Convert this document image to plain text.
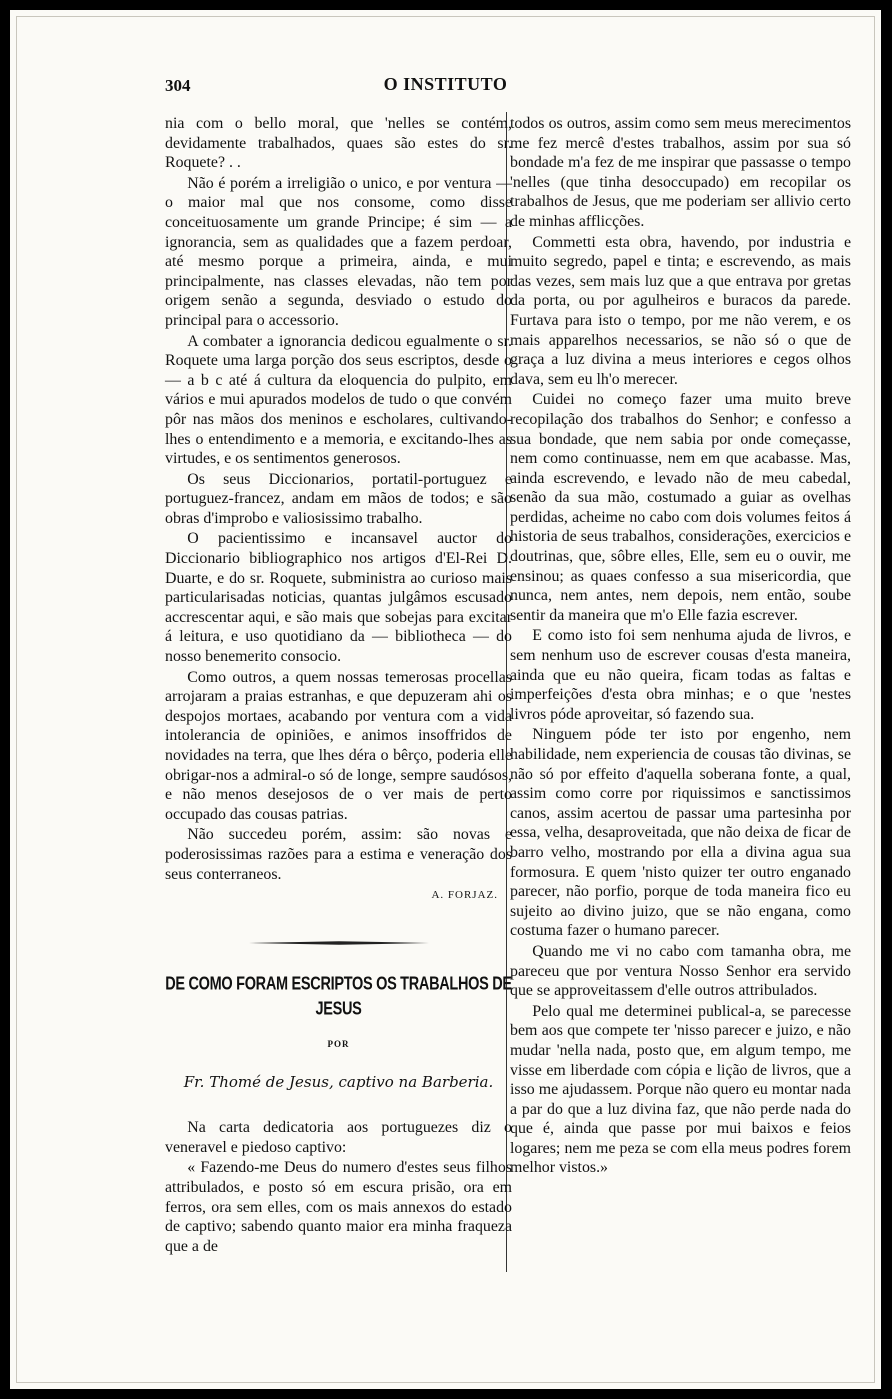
304	O INSTITUTO

nia com o bello moral, que 'nelles se contém, devidamente trabalhados, quaes são estes do sr. Roquete? . .

Não é porém a irreligião o unico, e por ventura — o maior mal que nos consome, como disse conceituosamente um grande Principe; é sim — a ignorancia, sem as qualidades que a fazem perdoar, até mesmo porque a primeira, ainda, e mui principalmente, nas classes elevadas, não tem por origem senão a segunda, desviado o estudo do principal para o accessorio.

A combater a ignorancia dedicou egualmente o sr. Roquete uma larga porção dos seus escriptos, desde o — a b c até á cultura da eloquencia do pulpito, em vários e mui apurados modelos de tudo o que convém pôr nas mãos dos meninos e escholares, cultivando-lhes o entendimento e a memoria, e excitando-lhes as virtudes, e os sentimentos generosos.

Os seus Diccionarios, portatil-portuguez e portuguez-francez, andam em mãos de todos; e são obras d'improbo e valiosissimo trabalho.

O pacientissimo e incansavel auctor do Diccionario bibliographico nos artigos d'El-Rei D. Duarte, e do sr. Roquete, subministra ao curioso mais particularisadas noticias, quantas julgâmos escusado accrescentar aqui, e são mais que sobejas para excitar á leitura, e uso quotidiano da — bibliotheca — do nosso benemerito consocio.

Como outros, a quem nossas temerosas procellas arrojaram a praias estranhas, e que depuzeram ahi os despojos mortaes, acabando por ventura com a vida intolerancia de opiniões, e animos insoffridos de novidades na terra, que lhes déra o bêrço, poderia elle obrigar-nos a admiral-o só de longe, sempre saudósos, e não menos desejosos de o ver mais de perto occupado das cousas patrias.

Não succedeu porém, assim: são novas e poderosissimas razões para a estima e veneração dos seus conterraneos.

A. FORJAZ.
DE COMO FORAM ESCRIPTOS OS TRABALHOS DE JESUS
POR
Fr. Thomé de Jesus, captivo na Barberia.

Na carta dedicatoria aos portuguezes diz o veneravel e piedoso captivo:

« Fazendo-me Deus do numero d'estes seus filhos attribulados, e posto só em escura prisão, ora em ferros, ora sem elles, com os mais annexos do estado de captivo; sabendo quanto maior era minha fraqueza que a de

todos os outros, assim como sem meus merecimentos me fez mercê d'estes trabalhos, assim por sua só bondade m'a fez de me inspirar que passasse o tempo 'nelles (que tinha desoccupado) em recopilar os trabalhos de Jesus, que me poderiam ser allivio certo de minhas afflicções.

Commetti esta obra, havendo, por industria e muito segredo, papel e tinta; e escrevendo, as mais das vezes, sem mais luz que a que entrava por gretas da porta, ou por agulheiros e buracos da parede. Furtava para isto o tempo, por me não verem, e os mais apparelhos necessarios, se não só o que de graça a luz divina a meus interiores e cegos olhos dava, sem eu lh'o merecer.

Cuidei no começo fazer uma muito breve recopilação dos trabalhos do Senhor; e confesso a sua bondade, que nem sabia por onde começasse, nem como continuasse, nem em que acabasse. Mas, ainda escrevendo, e levado não de meu cabedal, senão da sua mão, costumado a guiar as ovelhas perdidas, acheime no cabo com dois volumes feitos á historia de seus trabalhos, considerações, exercicios e doutrinas, que, sôbre elles, Elle, sem eu o ouvir, me ensinou; as quaes confesso a sua misericordia, que nunca, nem antes, nem depois, nem então, soube sentir da maneira que m'o Elle fazia escrever.

E como isto foi sem nenhuma ajuda de livros, e sem nenhum uso de escrever cousas d'esta maneira, ainda que eu não queira, ficam todas as faltas e imperfeições d'esta obra minhas; e o que 'nestes livros póde aproveitar, só fazendo sua.

Ninguem póde ter isto por engenho, nem habilidade, nem experiencia de cousas tão divinas, se não só por effeito d'aquella soberana fonte, a qual, assim como corre por riquissimos e sanctissimos canos, assim acertou de passar uma partesinha por essa, velha, desaproveitada, que não deixa de ficar de barro velho, mostrando por ella a divina agua sua formosura. E quem 'nisto quizer ter outro enganado parecer, não porfio, porque de toda maneira fico eu sujeito ao divino juizo, que se não engana, como costuma fazer o humano parecer.

Quando me vi no cabo com tamanha obra, me pareceu que por ventura Nosso Senhor era servido que se approveitassem d'elle outros attribulados.

Pelo qual me determinei publical-a, se parecesse bem aos que compete ter 'nisso parecer e juizo, e não mudar 'nella nada, posto que, em algum tempo, me visse em liberdade com cópia e lição de livros, que a isso me ajudassem. Porque não quero eu montar nada a par do que a luz divina faz, que não perde nada do que é, ainda que passe por mui baixos e feios logares; nem me peza se com ella meus podres forem melhor vistos.»
